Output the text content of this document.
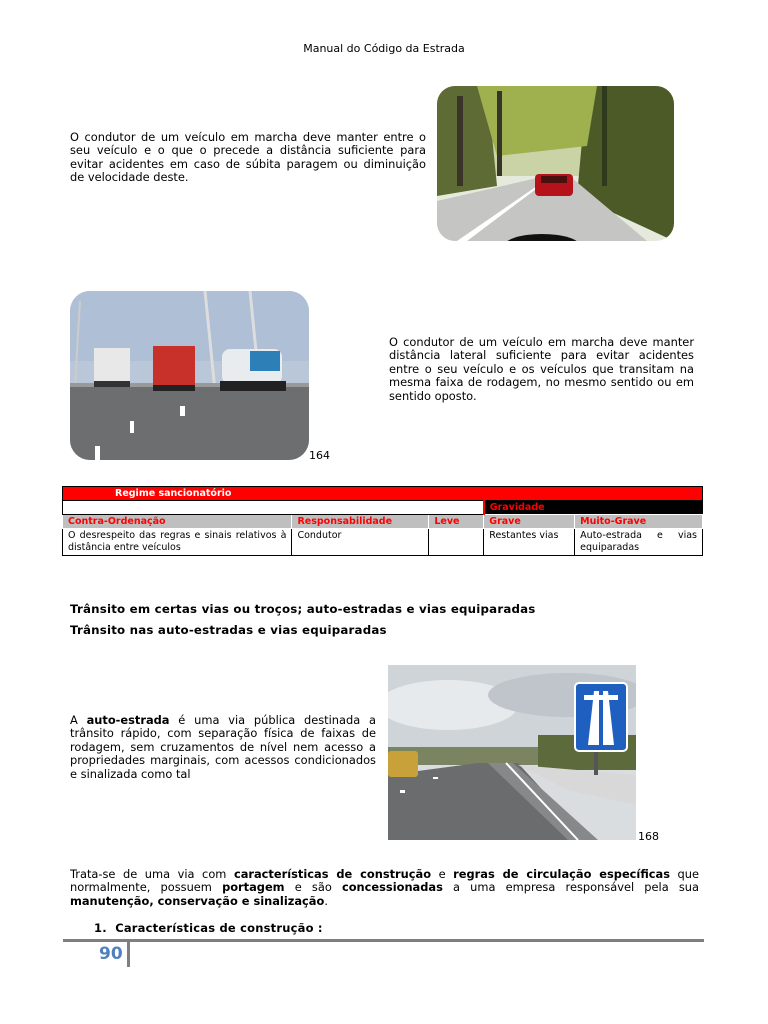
Manual do Código da Estrada
O condutor de um veículo em marcha deve manter entre o seu veículo e o que o precede a distância suficiente para evitar acidentes em caso de súbita paragem ou diminuição de velocidade deste.
164
O condutor de um veículo em marcha deve manter distância lateral suficiente para evitar acidentes entre o seu veículo e os veículos que transitam na mesma faixa de rodagem, no mesmo sentido ou em sentido oposto.
Regime sancionatório				
			Gravidade	
Contra-Ordenação	Responsabilidade	Leve	Grave	Muito-Grave
O desrespeito das regras e sinais relativos à distância entre veículos	Condutor		Restantes vias	Auto-estrada e vias equiparadas
Trânsito em certas vias ou troços; auto-estradas e vias equiparadas
Trânsito nas auto-estradas e vias equiparadas
A auto-estrada é uma via pública destinada a trânsito rápido, com separação física de faixas de rodagem, sem cruzamentos de nível nem acesso a propriedades marginais, com acessos condicionados e sinalizada como tal
168
Trata-se de uma via com características de construção e regras de circulação específicas que normalmente, possuem portagem e são concessionadas a uma empresa responsável pela sua manutenção, conservação e sinalização.
1. Características de construção :
90
